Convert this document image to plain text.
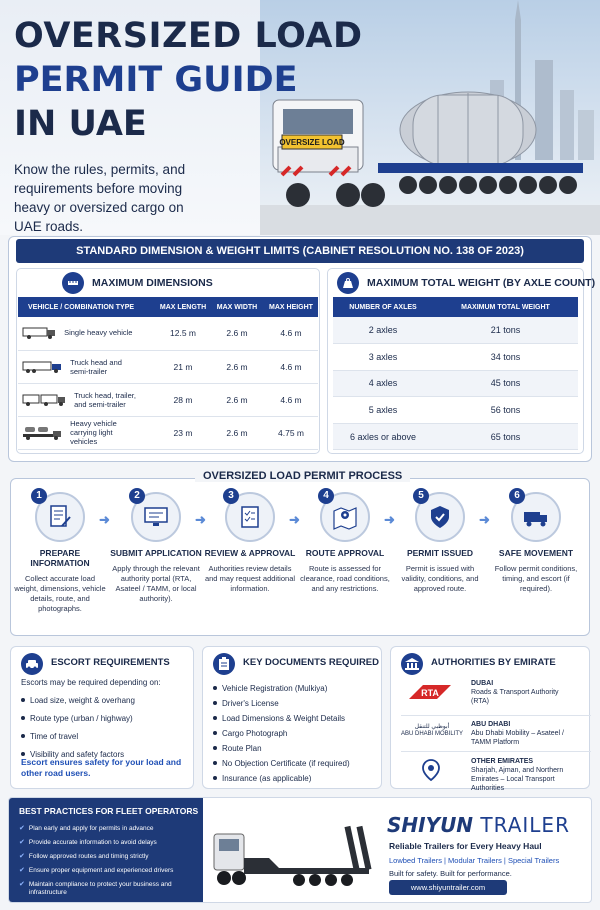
OVERSIZED LOAD
PERMIT GUIDE
IN UAE
Know the rules, permits, and requirements before moving heavy or oversized cargo on UAE roads.
OVERSIZE LOAD
STANDARD DIMENSION & WEIGHT LIMITS (CABINET RESOLUTION NO. 138 OF 2023)
MAXIMUM DIMENSIONS
VEHICLE / COMBINATION TYPE	MAX LENGTH	MAX WIDTH	MAX HEIGHT
Single heavy vehicle	12.5 m	2.6 m	4.6 m
Truck head and semi-trailer	21 m	2.6 m	4.6 m
Truck head, trailer, and semi-trailer	28 m	2.6 m	4.6 m
Heavy vehicle carrying light vehicles	23 m	2.6 m	4.75 m
MAXIMUM TOTAL WEIGHT (BY AXLE COUNT)
NUMBER OF AXLES	MAXIMUM TOTAL WEIGHT
2 axles	21 tons
3 axles	34 tons
4 axles	45 tons
5 axles	56 tons
6 axles or above	65 tons
OVERSIZED LOAD PERMIT PROCESS
1
PREPARE INFORMATION
Collect accurate load weight, dimensions, vehicle details, route, and photographs.
➜
2
SUBMIT APPLICATION
Apply through the relevant authority portal (RTA, Asateel / TAMM, or local authority).
➜
3
REVIEW & APPROVAL
Authorities review details and may request additional information.
➜
4
ROUTE APPROVAL
Route is assessed for clearance, road conditions, and any restrictions.
➜
5
PERMIT ISSUED
Permit is issued with validity, conditions, and approved route.
➜
6
SAFE MOVEMENT
Follow permit conditions, timing, and escort (if required).
ESCORT REQUIREMENTS
Escorts may be required depending on:
Load size, weight & overhang
Route type (urban / highway)
Time of travel
Visibility and safety factors
Escort ensures safety for your load and other road users.
KEY DOCUMENTS REQUIRED
Vehicle Registration (Mulkiya)
Driver's License
Load Dimensions & Weight Details
Cargo Photograph
Route Plan
No Objection Certificate (if required)
Insurance (as applicable)
AUTHORITIES BY EMIRATE
RTA
DUBAI
Roads & Transport Authority (RTA)
أبوظبي للتنقل
ABU DHABI MOBILITY
ABU DHABI
Abu Dhabi Mobility – Asateel / TAMM Platform
OTHER EMIRATES
Sharjah, Ajman, and Northern Emirates – Local Transport Authorities
BEST PRACTICES FOR FLEET OPERATORS
✔ Plan early and apply for permits in advance
✔ Provide accurate information to avoid delays
✔ Follow approved routes and timing strictly
✔ Ensure proper equipment and experienced drivers
✔ Maintain compliance to protect your business and infrastructure
SHIYUN TRAILER
Reliable Trailers for Every Heavy Haul
Lowbed Trailers | Modular Trailers | Special Trailers
Built for safety. Built for performance.
www.shiyuntrailer.com
